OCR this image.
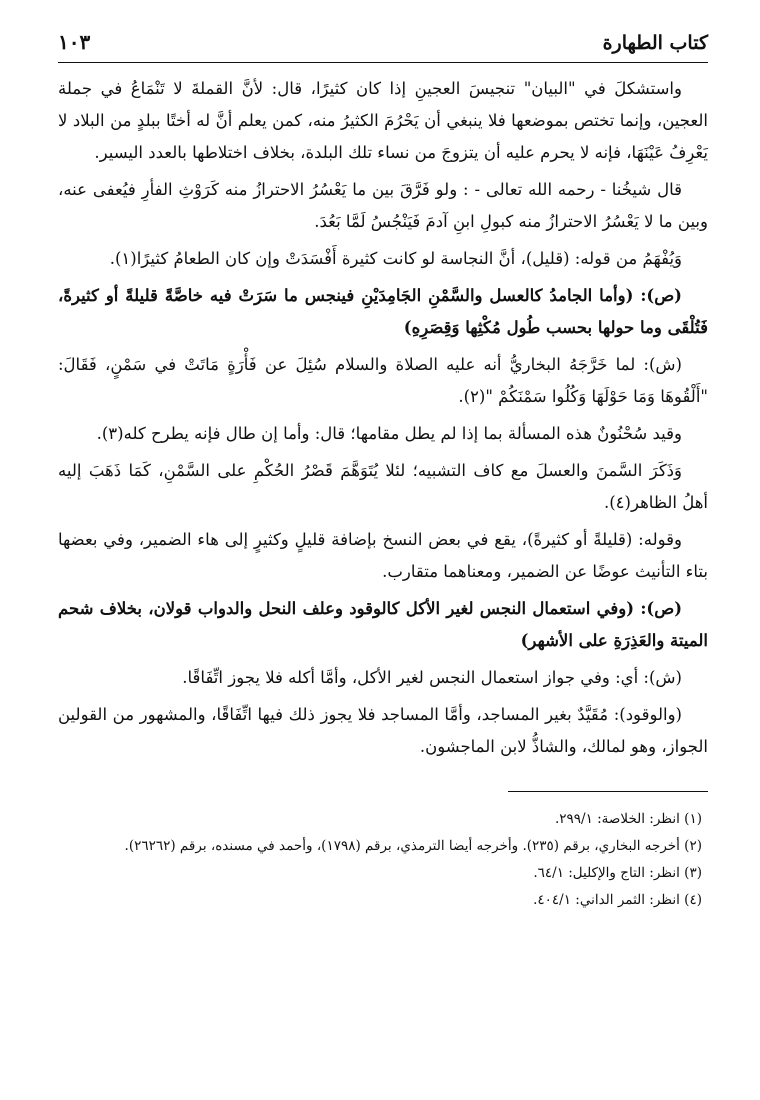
كتاب الطهارة
١٠٣

واستشكلَ في "البيان" تنجيسَ العجينِ إذا كان كثيرًا، قال: لأنَّ القملةَ لا تَنْمَاعُ في جملة العجين، وإنما تختص بموضعها فلا ينبغي أن يَحْرُمَ الكثيرُ منه، كمن يعلم أنَّ له أختًا ببلدٍ من البلاد لا يَعْرِفُ عَيْنَهَا، فإنه لا يحرم عليه أن يتزوجَ من نساء تلك البلدة، بخلاف اختلاطها بالعدد اليسير.

قال شيخُنا - رحمه الله تعالى - : ولو فَرَّقَ بين ما يَعْسُرُ الاحترازُ منه كَرَوْثِ الفأرِ فيُعفى عنه، وبين ما لا يَعْسُرُ الاحترازُ منه كبولِ ابنِ آدمَ فَيَنْجُسُ لَمَّا بَعُدَ.

وَيُفْهَمُ من قوله: (قليل)، أنَّ النجاسة لو كانت كثيرة أَفْسَدَتْ وإن كان الطعامُ كثيرًا(١).

(ص): (وأما الجامدُ كالعسل والسَّمْنِ الجَامِدَيْنِ فينجس ما سَرَتْ فيه خاصَّةً قليلةً أو كثيرةً، فَتُلْقَى وما حولها بحسب طُول مُكْثِها وَقِصَرِهِ)

(ش): لما خَرَّجَهُ البخاريُّ أنه عليه الصلاة والسلام سُئِلَ عن فَأْرَةٍ مَاتَتْ في سَمْنٍ، فَقَالَ: "أَلْقُوهَا وَمَا حَوْلَهَا وَكُلُوا سَمْنَكُمْ "(٢).

وقيد سُحْنُونٌ هذه المسألة بما إذا لم يطل مقامها؛ قال: وأما إن طال فإنه يطرح كله(٣).

وَذَكَرَ السَّمنَ والعسلَ مع كاف التشبيه؛ لئلا يُتَوَهَّمَ قَصْرُ الحُكْمِ على السَّمْنِ، كَمَا ذَهَبَ إليه أهلُ الظاهر(٤).

وقوله: (قليلةً أو كثيرةً)، يقع في بعض النسخ بإضافة قليلٍ وكثيرٍ إلى هاء الضمير، وفي بعضها بتاء التأنيث عوضًا عن الضمير، ومعناهما متقارب.

(ص): (وفي استعمال النجس لغير الأكل كالوقود وعلف النحل والدواب قولان، بخلاف شحم الميتة والعَذِرَةِ على الأشهر)

(ش): أي: وفي جواز استعمال النجس لغير الأكل، وأمَّا أكله فلا يجوز اتِّفَاقًا.

(والوقود): مُقَيَّدٌ بغير المساجد، وأمَّا المساجد فلا يجوز ذلك فيها اتِّفَاقًا، والمشهور من القولين الجواز، وهو لمالك، والشاذُّ لابن الماجشون.

(١) انظر: الخلاصة: ٢٩٩/١.

(٢) أخرجه البخاري، برقم (٢٣٥). وأخرجه أيضا الترمذي، برقم (١٧٩٨)، وأحمد في مسنده، برقم (٢٦٢٦٢).

(٣) انظر: التاج والإكليل: ٦٤/١.

(٤) انظر: الثمر الداني: ٤٠٤/١.
